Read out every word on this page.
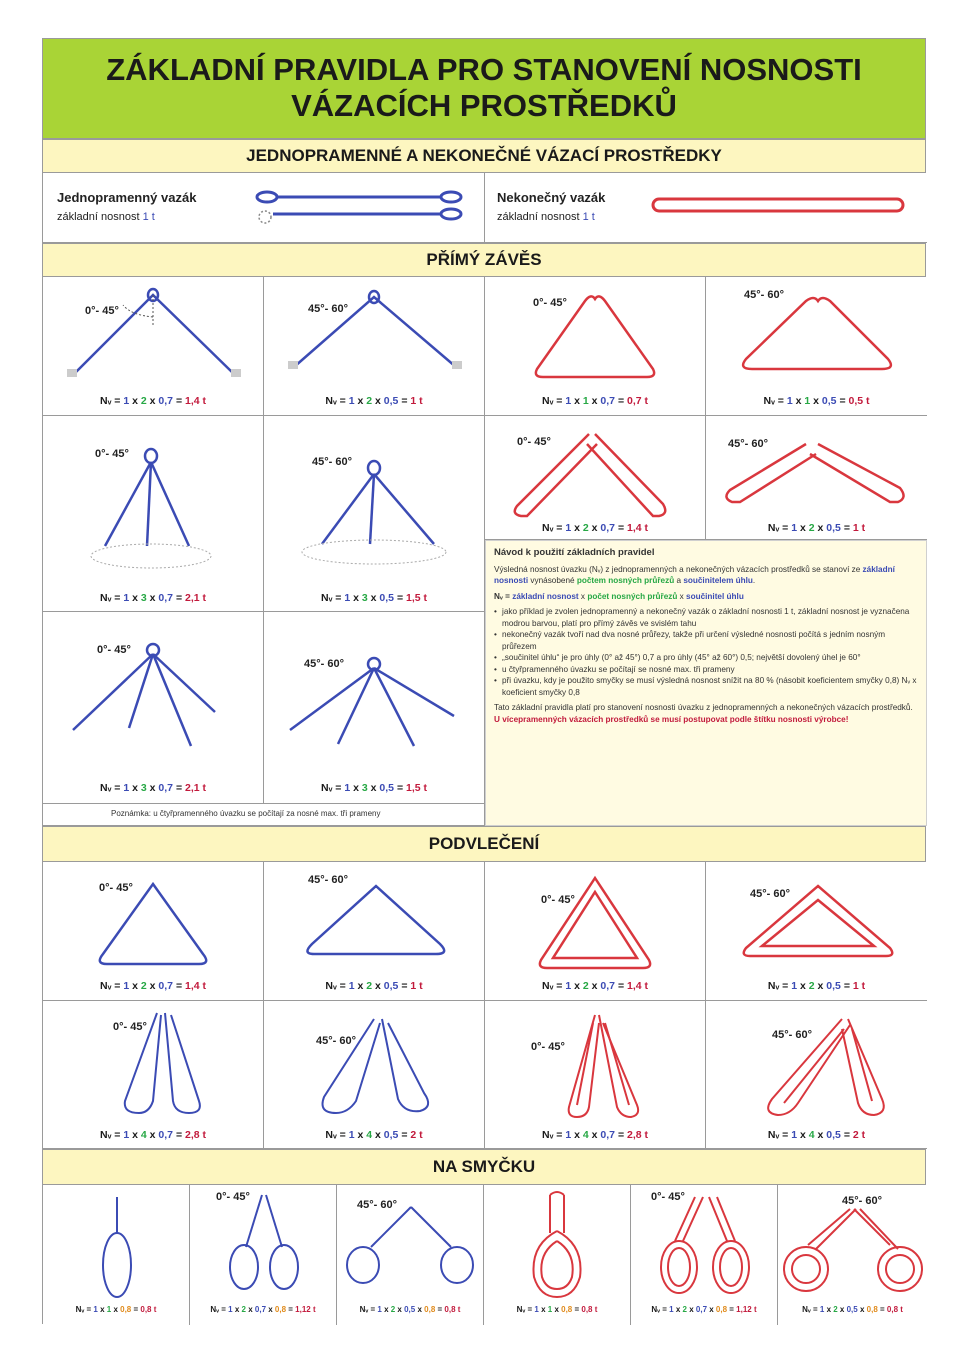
ZÁKLADNÍ PRAVIDLA PRO STANOVENÍ NOSNOSTI
VÁZACÍCH PROSTŘEDKŮ
JEDNOPRAMENNÉ A NEKONEČNÉ VÁZACÍ PROSTŘEDKY
Jednopramenný vazák
základní nosnost 1 t
Nekonečný vazák
základní nosnost 1 t
PŘÍMÝ ZÁVĚS
0°- 45°
Nᵥ = 1 x 2 x 0,7 = 1,4 t
45°- 60°
Nᵥ = 1 x 2 x 0,5 = 1 t
0°- 45°
Nᵥ = 1 x 1 x 0,7 = 0,7 t
45°- 60°
Nᵥ = 1 x 1 x 0,5 = 0,5 t
0°- 45°
Nᵥ = 1 x 3 x 0,7 = 2,1 t
45°- 60°
Nᵥ = 1 x 3 x 0,5 = 1,5 t
0°- 45°
Nᵥ = 1 x 2 x 0,7 = 1,4 t
45°- 60°
Nᵥ = 1 x 2 x 0,5 = 1 t
Návod k použití základních pravidel

Výsledná nosnost úvazku (Nᵥ) z jednopramenných a nekonečných vázacích prostředků se stanoví ze základní nosnosti vynásobené počtem nosných průřezů a součinitelem úhlu.

Nᵥ = základní nosnost x počet nosných průřezů x součinitel úhlu

• jako příklad je zvolen jednopramenný a nekonečný vazák o základní nosnosti 1 t, základní nosnost je vyznačena modrou barvou, platí pro přímý závěs ve svislém tahu
• nekonečný vazák tvoří nad dva nosné průřezy, takže při určení výsledné nosnosti počítá s jedním nosným průřezem
• „součinitel úhlu“ je pro úhly (0° až 45°) 0,7 a pro úhly (45° až 60°) 0,5; největší dovolený úhel je 60°
• u čtyřpramenného úvazku se počítají se nosné max. tři prameny
• při úvazku, kdy je použito smyčky se musí výsledná nosnost snížit na 80 % (násobit koeficientem smyčky 0,8) Nᵥ x koeficient smyčky 0,8

Tato základní pravidla platí pro stanovení nosnosti úvazku z jednopramenných a nekonečných vázacích prostředků. U vícepramenných vázacích prostředků se musí postupovat podle štítku nosnosti výrobce!

0°- 45°
Nᵥ = 1 x 3 x 0,7 = 2,1 t
45°- 60°
Nᵥ = 1 x 3 x 0,5 = 1,5 t
Poznámka: u čtyřpramenného úvazku se počítají za nosné max. tři prameny
PODVLEČENÍ
0°- 45°
Nᵥ = 1 x 2 x 0,7 = 1,4 t
45°- 60°
Nᵥ = 1 x 2 x 0,5 = 1 t
0°- 45°
Nᵥ = 1 x 2 x 0,7 = 1,4 t
45°- 60°
Nᵥ = 1 x 2 x 0,5 = 1 t
0°- 45°
Nᵥ = 1 x 4 x 0,7 = 2,8 t
45°- 60°
Nᵥ = 1 x 4 x 0,5 = 2 t
0°- 45°
Nᵥ = 1 x 4 x 0,7 = 2,8 t
45°- 60°
Nᵥ = 1 x 4 x 0,5 = 2 t
NA SMYČKU
Nᵥ = 1 x 1 x 0,8 = 0,8 t
0°- 45°
Nᵥ = 1 x 2 x 0,7 x 0,8 = 1,12 t
45°- 60°
Nᵥ = 1 x 2 x 0,5 x 0,8 = 0,8 t	Nᵥ = 1 x 1 x 0,8 = 0,8 t
0°- 45°
Nᵥ = 1 x 2 x 0,7 x 0,8 = 1,12 t
45°- 60°
Nᵥ = 1 x 2 x 0,5 x 0,8 = 0,8 t
